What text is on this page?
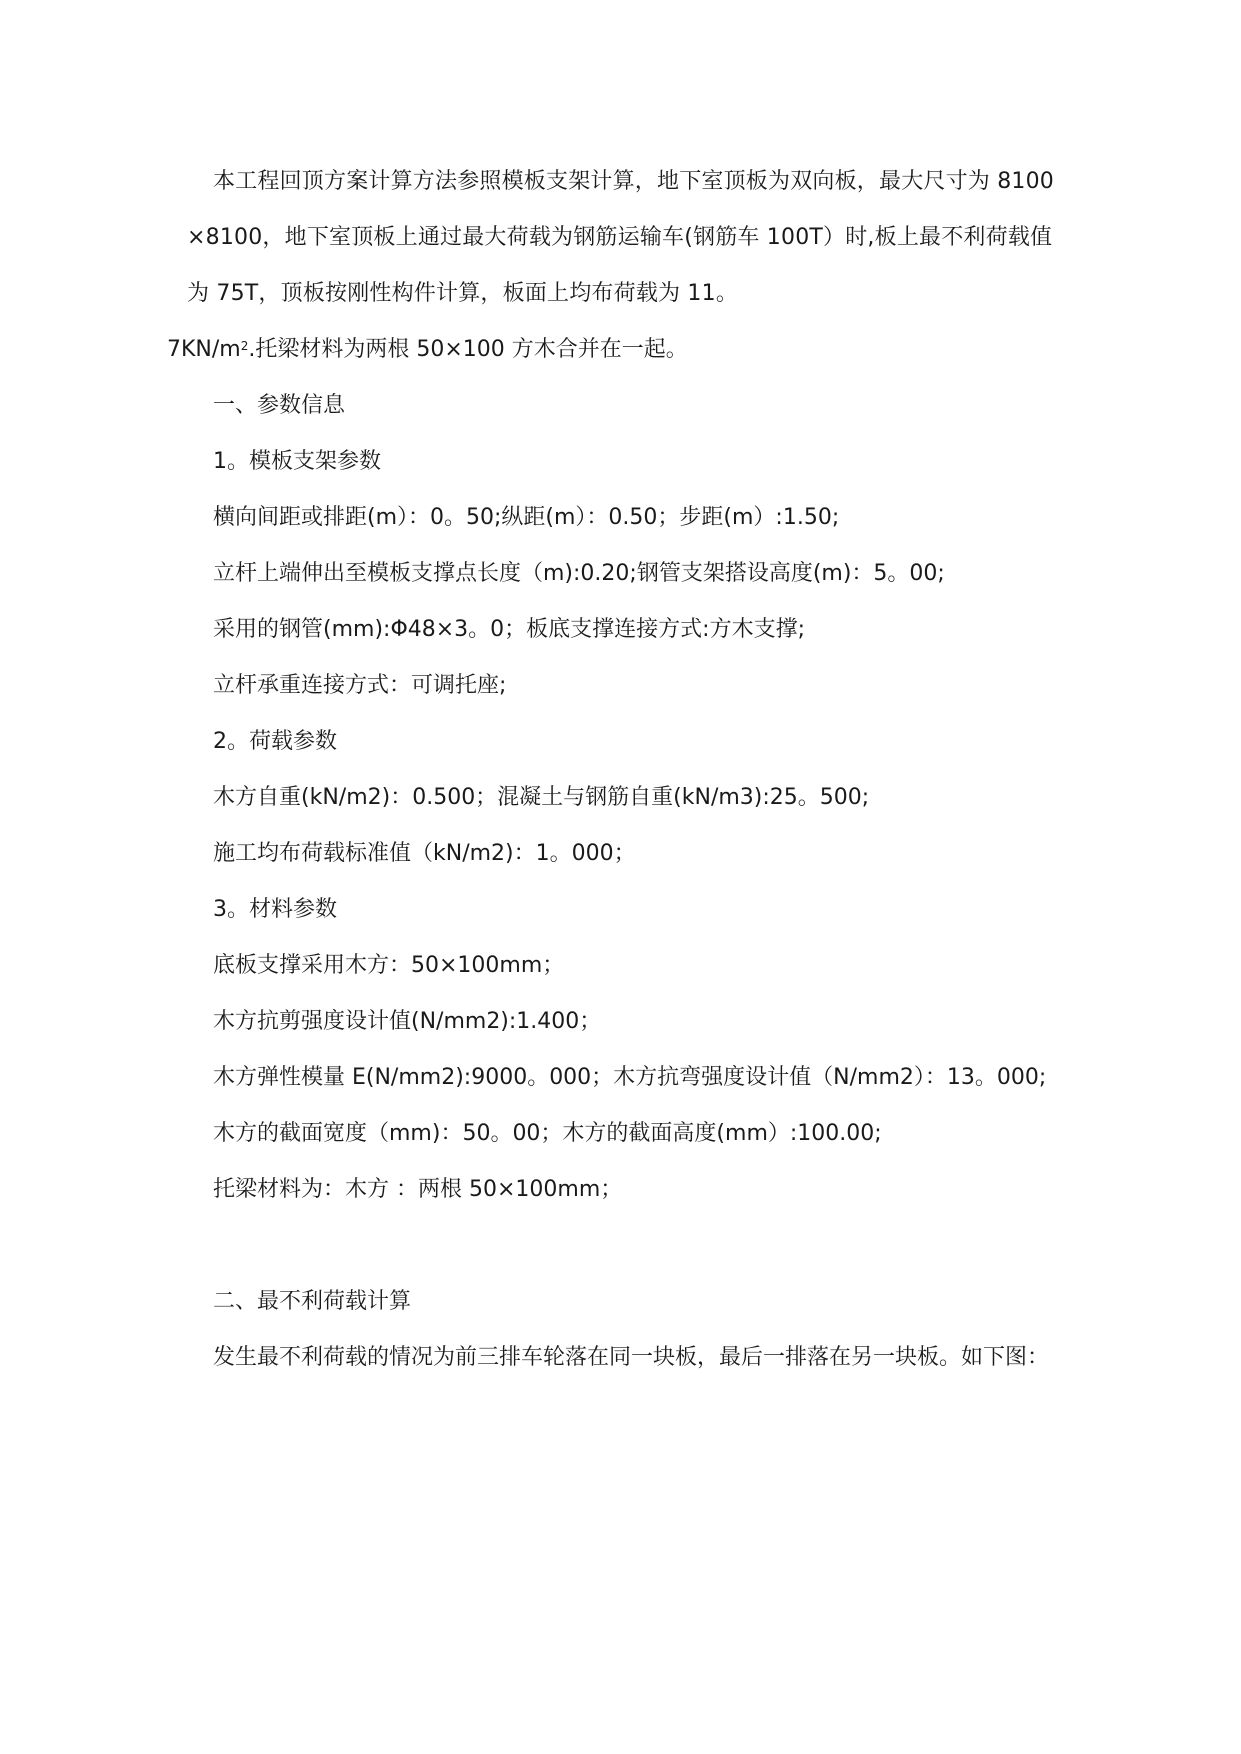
本工程回顶方案计算方法参照模板支架计算，地下室顶板为双向板，最大尺寸为 8100×8100，地下室顶板上通过最大荷载为钢筋运输车(钢筋车 100T）时,板上最不利荷载值为 75T，顶板按刚性构件计算，板面上均布荷载为 11。

$7KN/m^2$.托梁材料为两根 50×100 方木合并在一起。

一、参数信息

1。模板支架参数

横向间距或排距(m）：0。50;纵距(m）：0.50；步距(m）:1.50;

立杆上端伸出至模板支撑点长度（m):0.20;钢管支架搭设高度(m)：5。00;

采用的钢管(mm):Φ48×3。0；板底支撑连接方式:方木支撑;

立杆承重连接方式：可调托座;

2。荷载参数

木方自重(kN/m2)：0.500；混凝土与钢筋自重(kN/m3):25。500;

施工均布荷载标准值（kN/m2)：1。000；

3。材料参数

底板支撑采用木方：50×100mm；

木方抗剪强度设计值(N/mm2):1.400；

木方弹性模量 E(N/mm2):9000。000；木方抗弯强度设计值（N/mm2）：13。000;

木方的截面宽度（mm)：50。00；木方的截面高度(mm）:100.00;

托梁材料为：木方 ：两根 50×100mm；

二、最不利荷载计算

发生最不利荷载的情况为前三排车轮落在同一块板，最后一排落在另一块板。如下图：
